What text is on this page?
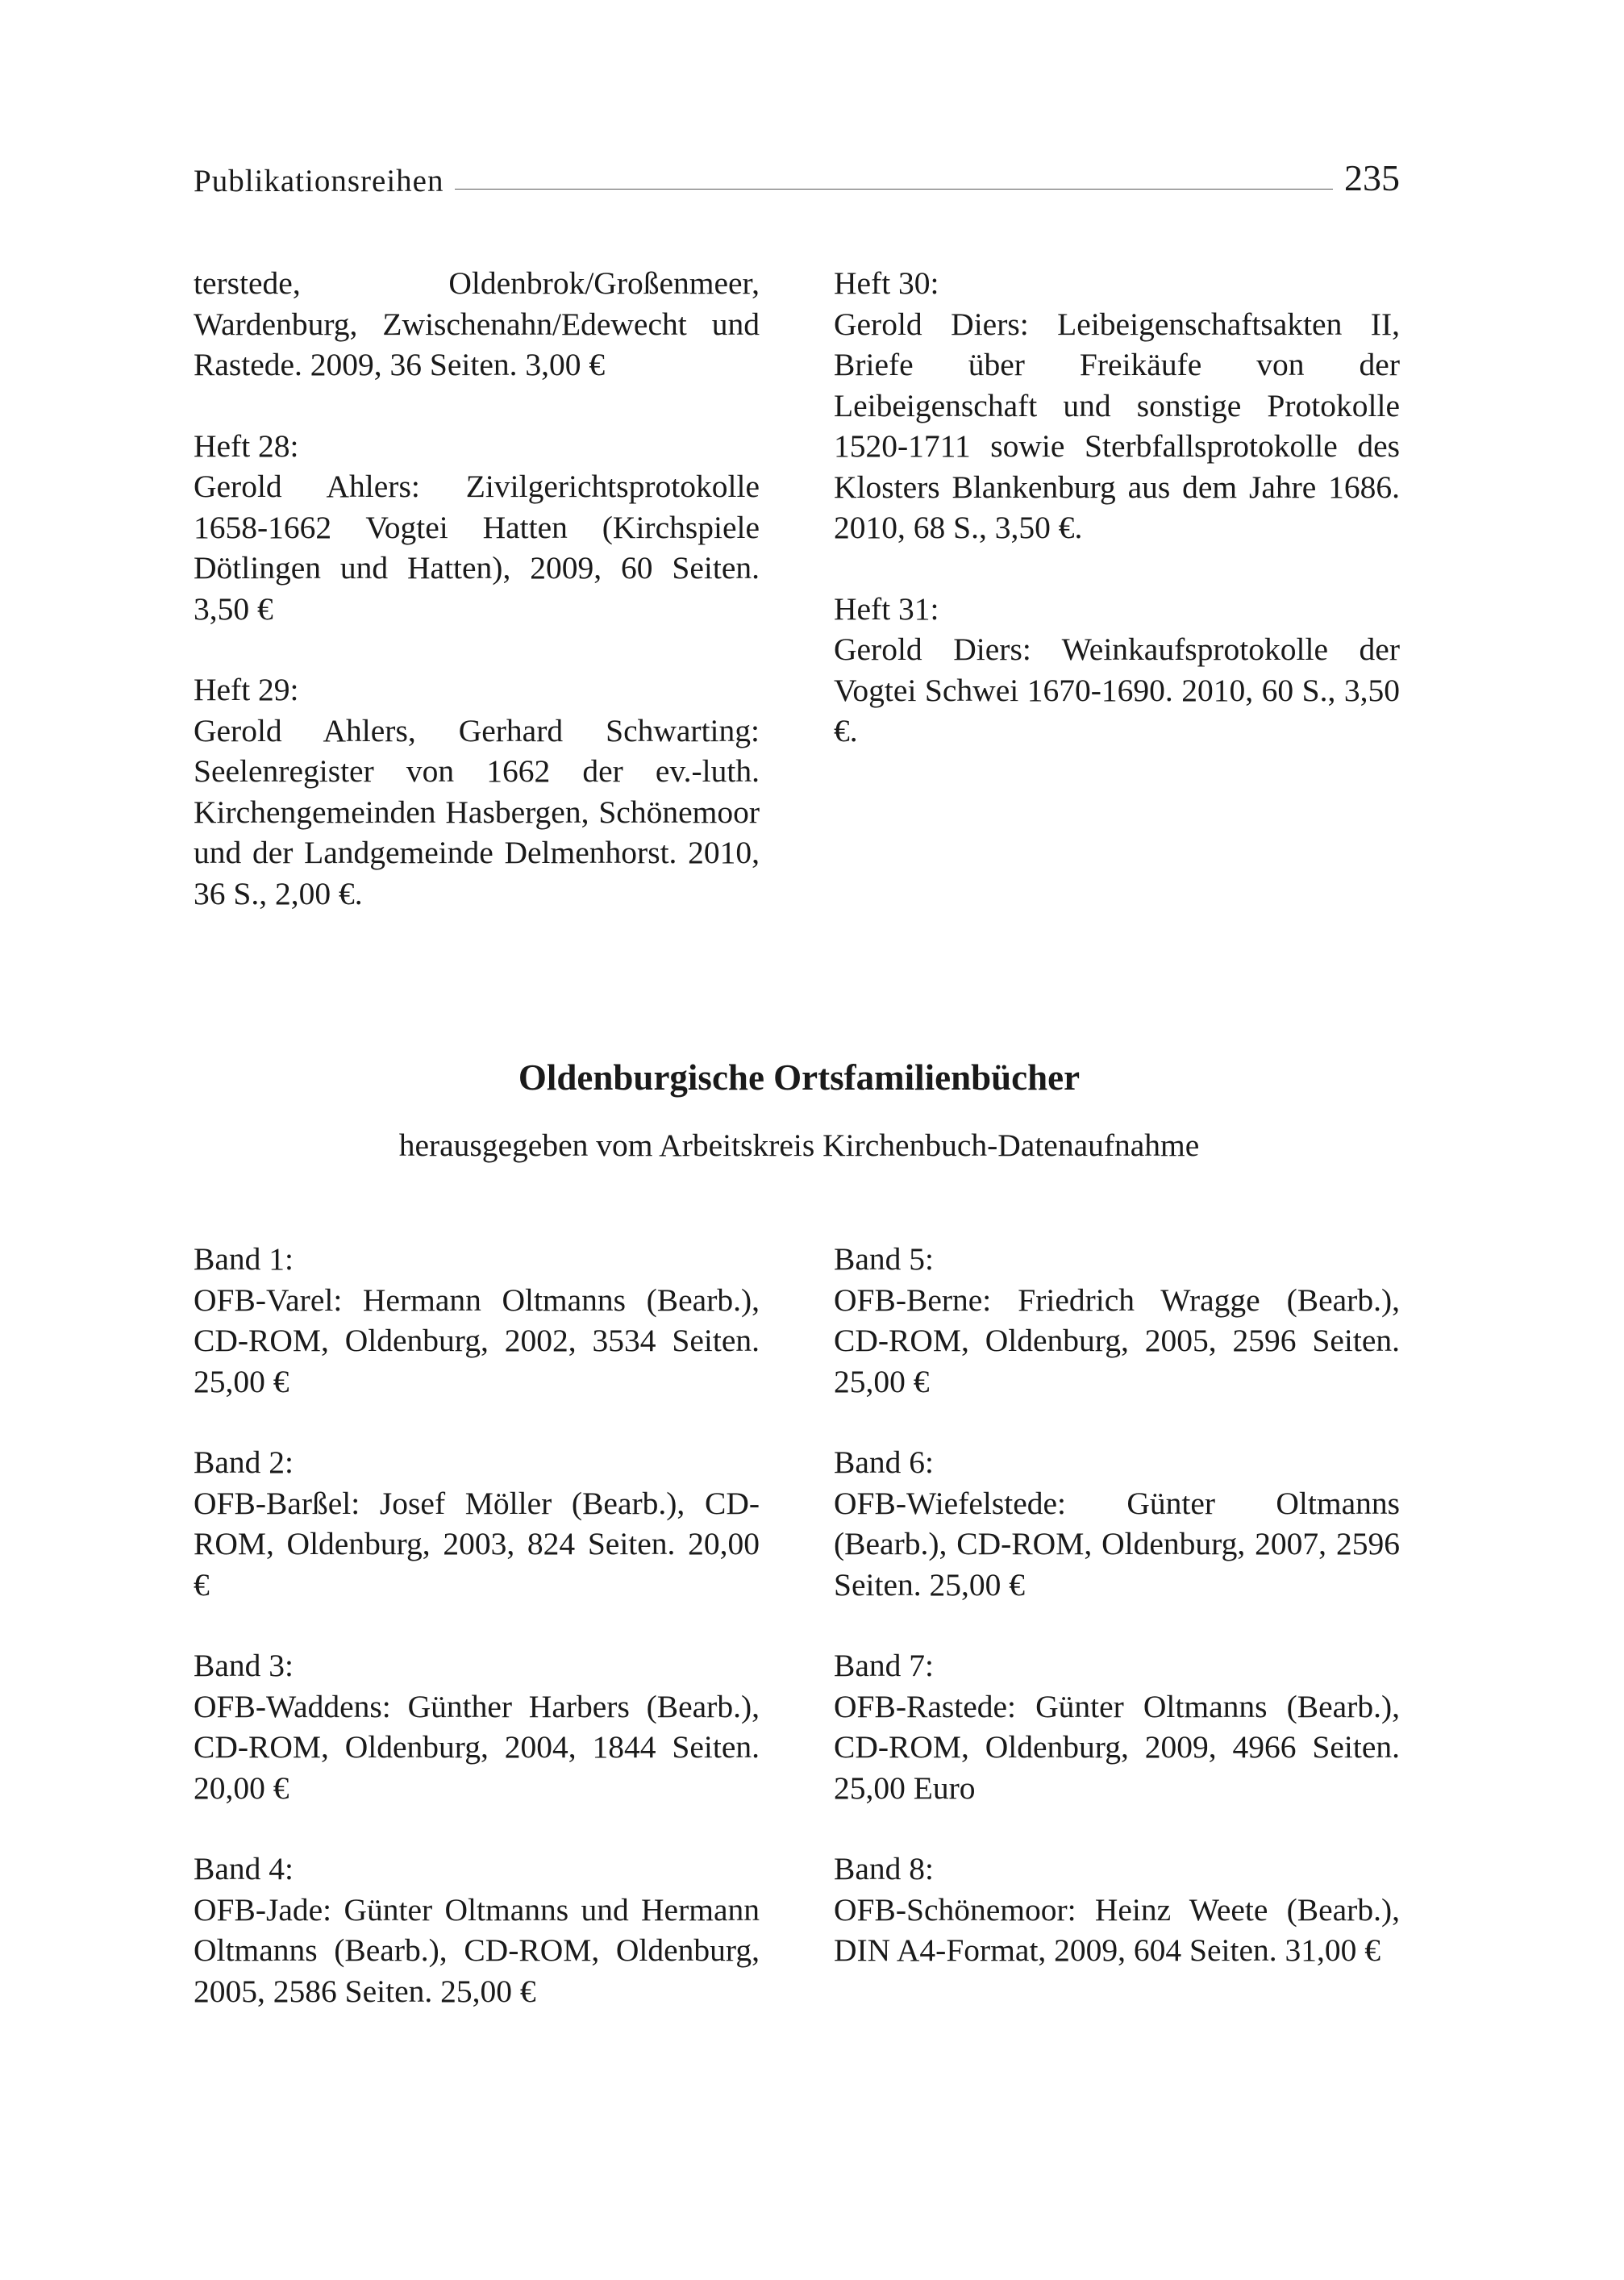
Publikationsreihen	235
terstede, Oldenbrok/Großenmeer, Wardenburg, Zwischenahn/Edewecht und Rastede. 2009, 36 Seiten. 3,00 €
Heft 28:
Gerold Ahlers: Zivilgerichtsprotokolle 1658-1662 Vogtei Hatten (Kirchspiele Dötlingen und Hatten), 2009, 60 Seiten. 3,50 €
Heft 29:
Gerold Ahlers, Gerhard Schwarting: Seelenregister von 1662 der ev.-luth. Kirchengemeinden Hasbergen, Schönemoor und der Landgemeinde Delmenhorst. 2010, 36 S., 2,00 €.
Heft 30:
Gerold Diers: Leibeigenschaftsakten II, Briefe über Freikäufe von der Leibeigenschaft und sonstige Protokolle 1520-1711 sowie Sterbfallsprotokolle des Klosters Blankenburg aus dem Jahre 1686. 2010, 68 S., 3,50 €.
Heft 31:
Gerold Diers: Weinkaufsprotokolle der Vogtei Schwei 1670-1690. 2010, 60 S., 3,50 €.
Oldenburgische Ortsfamilienbücher
herausgegeben vom Arbeitskreis Kirchenbuch-Datenaufnahme
Band 1:
OFB-Varel: Hermann Oltmanns (Bearb.), CD-ROM, Oldenburg, 2002, 3534 Seiten. 25,00 €
Band 2:
OFB-Barßel: Josef Möller (Bearb.), CD-ROM, Oldenburg, 2003, 824 Seiten. 20,00 €
Band 3:
OFB-Waddens: Günther Harbers (Bearb.), CD-ROM, Oldenburg, 2004, 1844 Seiten. 20,00 €
Band 4:
OFB-Jade: Günter Oltmanns und Hermann Oltmanns (Bearb.), CD-ROM, Oldenburg, 2005, 2586 Seiten. 25,00 €
Band 5:
OFB-Berne: Friedrich Wragge (Bearb.), CD-ROM, Oldenburg, 2005, 2596 Seiten. 25,00 €
Band 6:
OFB-Wiefelstede: Günter Oltmanns (Bearb.), CD-ROM, Oldenburg, 2007, 2596 Seiten. 25,00 €
Band 7:
OFB-Rastede: Günter Oltmanns (Bearb.), CD-ROM, Oldenburg, 2009, 4966 Seiten. 25,00 Euro
Band 8:
OFB-Schönemoor: Heinz Weete (Bearb.), DIN A4-Format, 2009, 604 Seiten. 31,00 €
